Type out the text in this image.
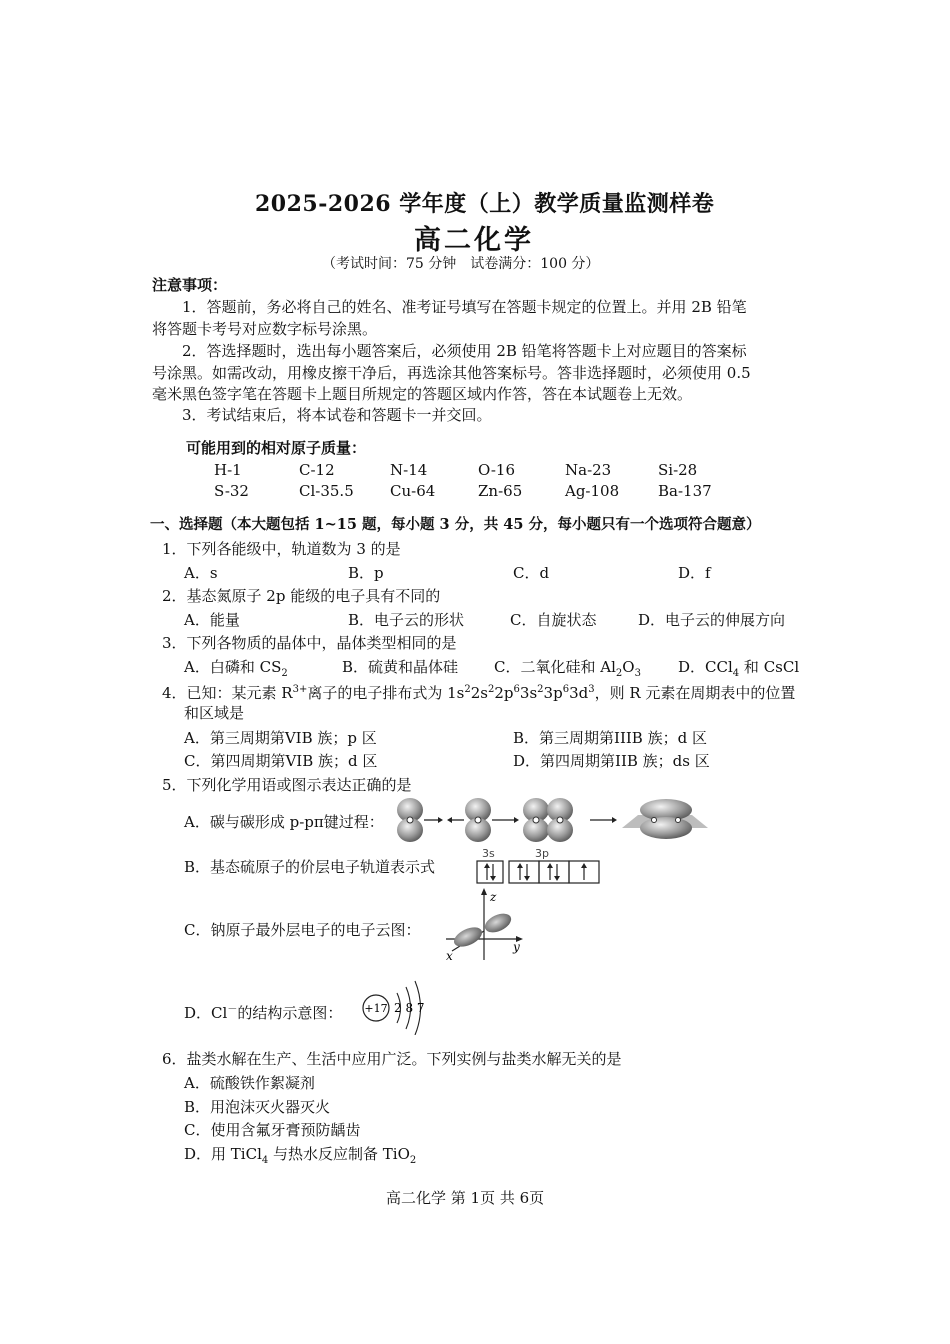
2025-2026 学年度（上）教学质量监测样卷
高二化学
（考试时间：75 分钟　试卷满分：100 分）
注意事项：
1．答题前，务必将自己的姓名、准考证号填写在答题卡规定的位置上。并用 2B 铅笔
将答题卡考号对应数字标号涂黑。
2．答选择题时，选出每小题答案后，必须使用 2B 铅笔将答题卡上对应题目的答案标
号涂黑。如需改动，用橡皮擦干净后，再选涂其他答案标号。答非选择题时，必须使用 0.5
毫米黑色签字笔在答题卡上题目所规定的答题区域内作答，答在本试题卷上无效。
3．考试结束后，将本试卷和答题卡一并交回。
可能用到的相对原子质量：
H-1	C-12	N-14	O-16	Na-23	Si-28
S-32	Cl-35.5 Cu-64	Zn-65	Ag-108	Ba-137
一、选择题（本大题包括 1~15 题，每小题 3 分，共 45 分，每小题只有一个选项符合题意）
1．下列各能级中，轨道数为 3 的是
A．s	B．p	C．d	D．f
2．基态氮原子 2p 能级的电子具有不同的
A．能量	B．电子云的形状	C．自旋状态	D．电子云的伸展方向
3．下列各物质的晶体中，晶体类型相同的是
A．白磷和 $CS_2$	B．硫黄和晶体硅 C．二氧化硅和 $Al_2O_3$ D．CCl$_4$ 和 CsCl
4．已知：某元素 $R^{3+}$离子的电子排布式为 $1s^22s^22p^63s^23p^63d^3$，则 R 元素在周期表中的位置
和区域是
A．第三周期第VIB 族；p 区	B．第三周期第IIIB 族；d 区
C．第四周期第VIB 族；d 区	D．第四周期第IIB 族；ds 区
5．下列化学用语或图示表达正确的是
A．碳与碳形成 p-pπ键过程：
B．基态硫原子的价层电子轨道表示式
3s	3p
C．钠原子最外层电子的电子云图：
z
y
x
D．Cl－的结构示意图： +17 2 8 7
6．盐类水解在生产、生活中应用广泛。下列实例与盐类水解无关的是
A．硫酸铁作絮凝剂
B．用泡沫灭火器灭火
C．使用含氟牙膏预防龋齿
D．用 TiCl$_4$ 与热水反应制备 TiO$_2$
高二化学 第 1页 共 6页
